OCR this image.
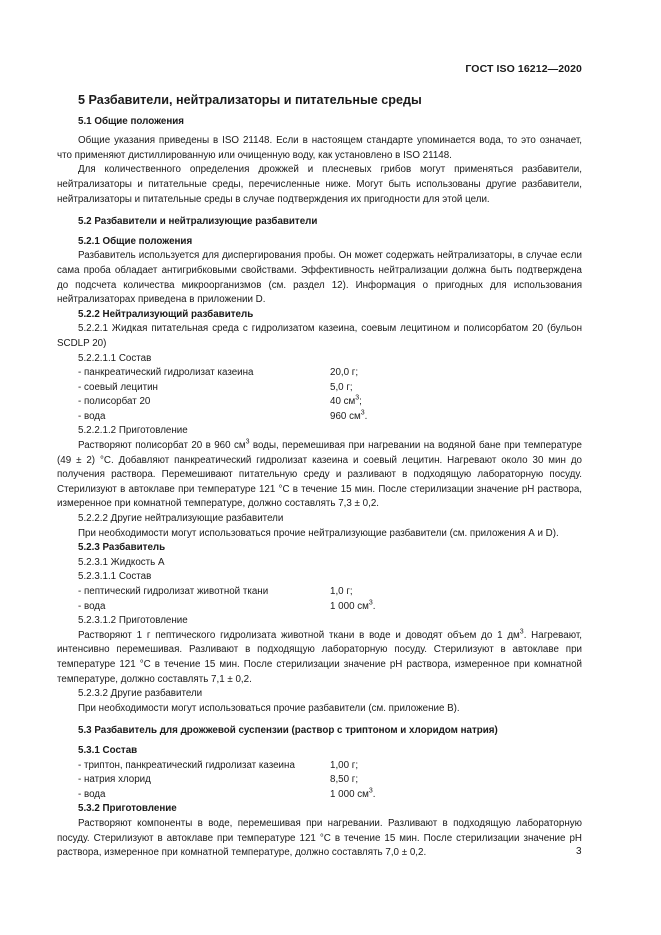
ГОСТ ISO 16212—2020
5 Разбавители, нейтрализаторы и питательные среды
5.1 Общие положения

Общие указания приведены в ISO 21148. Если в настоящем стандарте упоминается вода, то это означает, что применяют дистиллированную или очищенную воду, как установлено в ISO 21148.

Для количественного определения дрожжей и плесневых грибов могут применяться разбавители, нейтрализаторы и питательные среды, перечисленные ниже. Могут быть использованы другие разбавители, нейтрализаторы и питательные среды в случае подтверждения их пригодности для этой цели.

5.2 Разбавители и нейтрализующие разбавители
5.2.1 Общие положения

Разбавитель используется для диспергирования пробы. Он может содержать нейтрализаторы, в случае если сама проба обладает антигрибковыми свойствами. Эффективность нейтрализации должна быть подтверждена до подсчета количества микроорганизмов (см. раздел 12). Информация о пригодных для использования нейтрализаторах приведена в приложении D.

5.2.2 Нейтрализующий разбавитель

5.2.2.1 Жидкая питательная среда с гидролизатом казеина, соевым лецитином и полисорбатом 20 (бульон SCDLP 20)

5.2.2.1.1 Состав
- панкреатический гидролизат казеина	20,0 г;
- соевый лецитин	5,0 г;
- полисорбат 20	40 $см^3$;
- вода	960 $см^3$.
5.2.2.1.2 Приготовление

Растворяют полисорбат 20 в 960 $см^3$ воды, перемешивая при нагревании на водяной бане при температуре (49 ± 2) °С. Добавляют панкреатический гидролизат казеина и соевый лецитин. Нагревают около 30 мин до получения раствора. Перемешивают питательную среду и разливают в подходящую лабораторную посуду. Стерилизуют в автоклаве при температуре 121 °С в течение 15 мин. После стерилизации значение рН раствора, измеренное при комнатной температуре, должно составлять 7,3 ± 0,2.

5.2.2.2 Другие нейтрализующие разбавители

При необходимости могут использоваться прочие нейтрализующие разбавители (см. приложения А и D).

5.2.3 Разбавитель
5.2.3.1 Жидкость А
5.2.3.1.1 Состав
- пептический гидролизат животной ткани	1,0 г;
- вода	1 000 $см^3$.
5.2.3.1.2 Приготовление

Растворяют 1 г пептического гидролизата животной ткани в воде и доводят объем до 1 $дм^3$. Нагревают, интенсивно перемешивая. Разливают в подходящую лабораторную посуду. Стерилизуют в автоклаве при температуре 121 °С в течение 15 мин. После стерилизации значение рН раствора, измеренное при комнатной температуре, должно составлять 7,1 ± 0,2.

5.2.3.2 Другие разбавители

При необходимости могут использоваться прочие разбавители (см. приложение В).

5.3 Разбавитель для дрожжевой суспензии (раствор с триптоном и хлоридом натрия)
5.3.1 Состав
- триптон, панкреатический гидролизат казеина	1,00 г;
- натрия хлорид	8,50 г;
- вода	1 000 $см^3$.
5.3.2 Приготовление

Растворяют компоненты в воде, перемешивая при нагревании. Разливают в подходящую лабораторную посуду. Стерилизуют в автоклаве при температуре 121 °С в течение 15 мин. После стерилизации значение рН раствора, измеренное при комнатной температуре, должно составлять 7,0 ± 0,2.	3
